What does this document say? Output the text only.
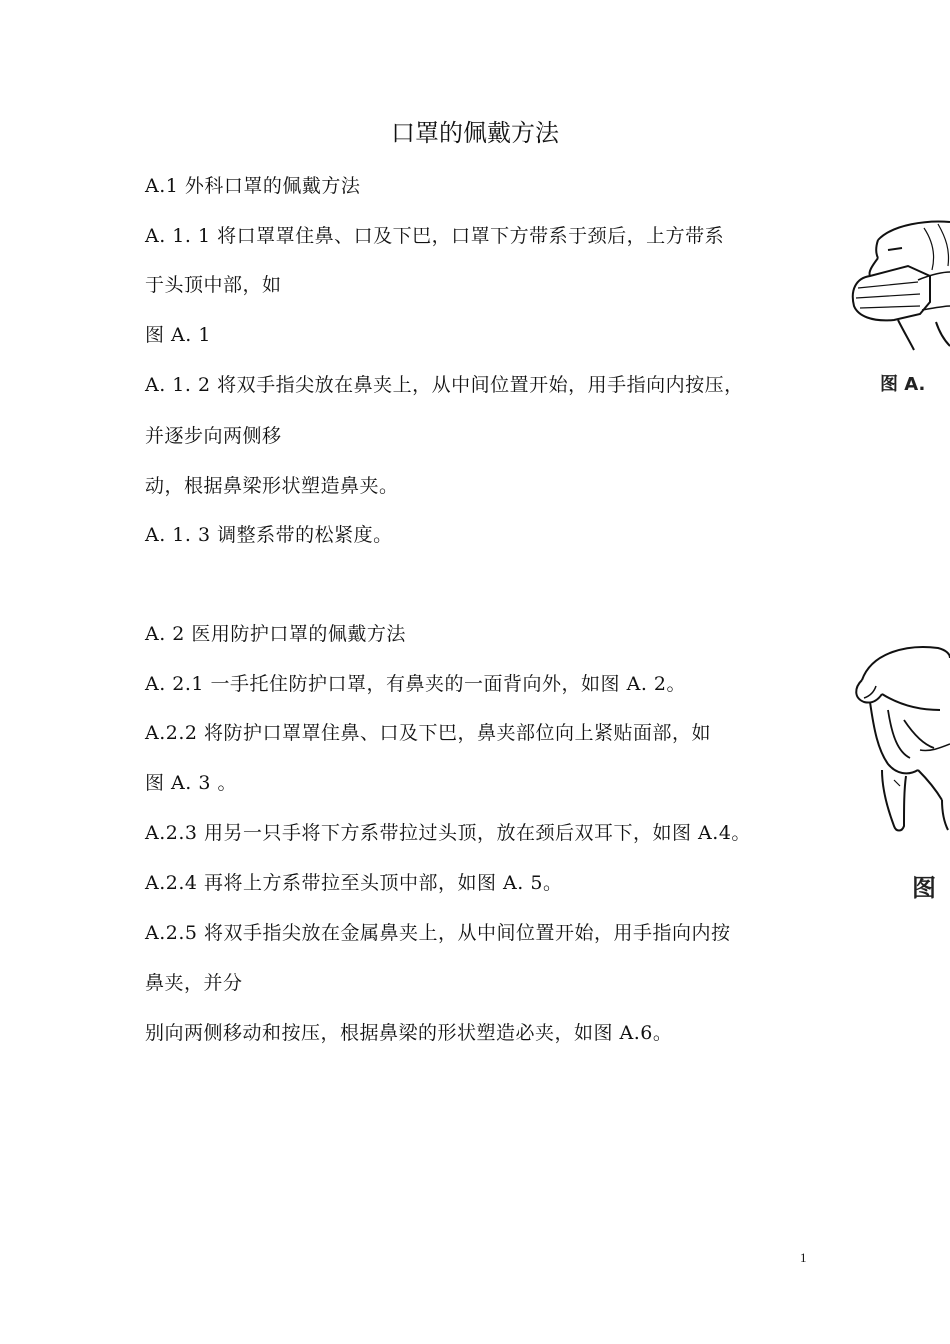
口罩的佩戴方法
A.1 外科口罩的佩戴方法
A. 1. 1 将口罩罩住鼻、口及下巴，口罩下方带系于颈后，上方带系
于头顶中部，如
图 A. 1
A. 1. 2 将双手指尖放在鼻夹上，从中间位置开始，用手指向内按压，
并逐步向两侧移
动，根据鼻梁形状塑造鼻夹。
A. 1. 3 调整系带的松紧度。
A. 2 医用防护口罩的佩戴方法
A. 2.1 一手托住防护口罩，有鼻夹的一面背向外，如图 A. 2。
A.2.2 将防护口罩罩住鼻、口及下巴，鼻夹部位向上紧贴面部，如
图 A. 3 。
A.2.3 用另一只手将下方系带拉过头顶，放在颈后双耳下，如图 A.4。
A.2.4 再将上方系带拉至头顶中部，如图 A. 5。
A.2.5 将双手指尖放在金属鼻夹上，从中间位置开始，用手指向内按
鼻夹，并分
别向两侧移动和按压，根据鼻梁的形状塑造必夹，如图 A.6。
图 A.
图
1
